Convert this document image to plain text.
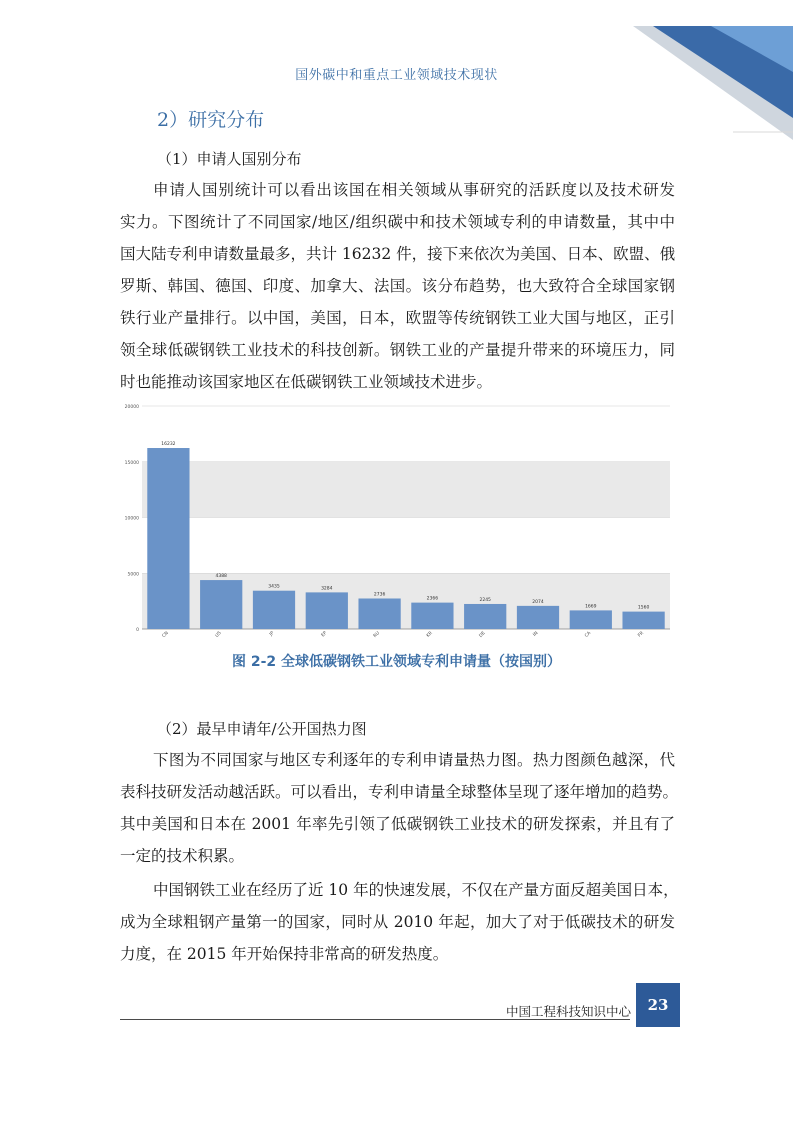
国外碳中和重点工业领域技术现状
2）研究分布
（1）申请人国别分布
申请人国别统计可以看出该国在相关领域从事研究的活跃度以及技术研发
实力。下图统计了不同国家/地区/组织碳中和技术领域专利的申请数量，其中中
国大陆专利申请数量最多，共计 16232 件，接下来依次为美国、日本、欧盟、俄
罗斯、韩国、德国、印度、加拿大、法国。该分布趋势，也大致符合全球国家钢
铁行业产量排行。以中国，美国，日本，欧盟等传统钢铁工业大国与地区，正引
领全球低碳钢铁工业技术的科技创新。钢铁工业的产量提升带来的环境压力，同
时也能推动该国家地区在低碳钢铁工业领域技术进步。
0
5000
10000
15000
20000
16232
CN
4388
US
3435
JP
3284
EP
2736
RU
2366
KR
2245
DE
2074
IN
1669
CA
1560
FR
图 2-2 全球低碳钢铁工业领域专利申请量（按国别）
（2）最早申请年/公开国热力图
下图为不同国家与地区专利逐年的专利申请量热力图。热力图颜色越深，代
表科技研发活动越活跃。可以看出，专利申请量全球整体呈现了逐年增加的趋势。
其中美国和日本在 2001 年率先引领了低碳钢铁工业技术的研发探索，并且有了
一定的技术积累。
中国钢铁工业在经历了近 10 年的快速发展，不仅在产量方面反超美国日本，
成为全球粗钢产量第一的国家，同时从 2010 年起，加大了对于低碳技术的研发
力度，在 2015 年开始保持非常高的研发热度。
中国工程科技知识中心	23
